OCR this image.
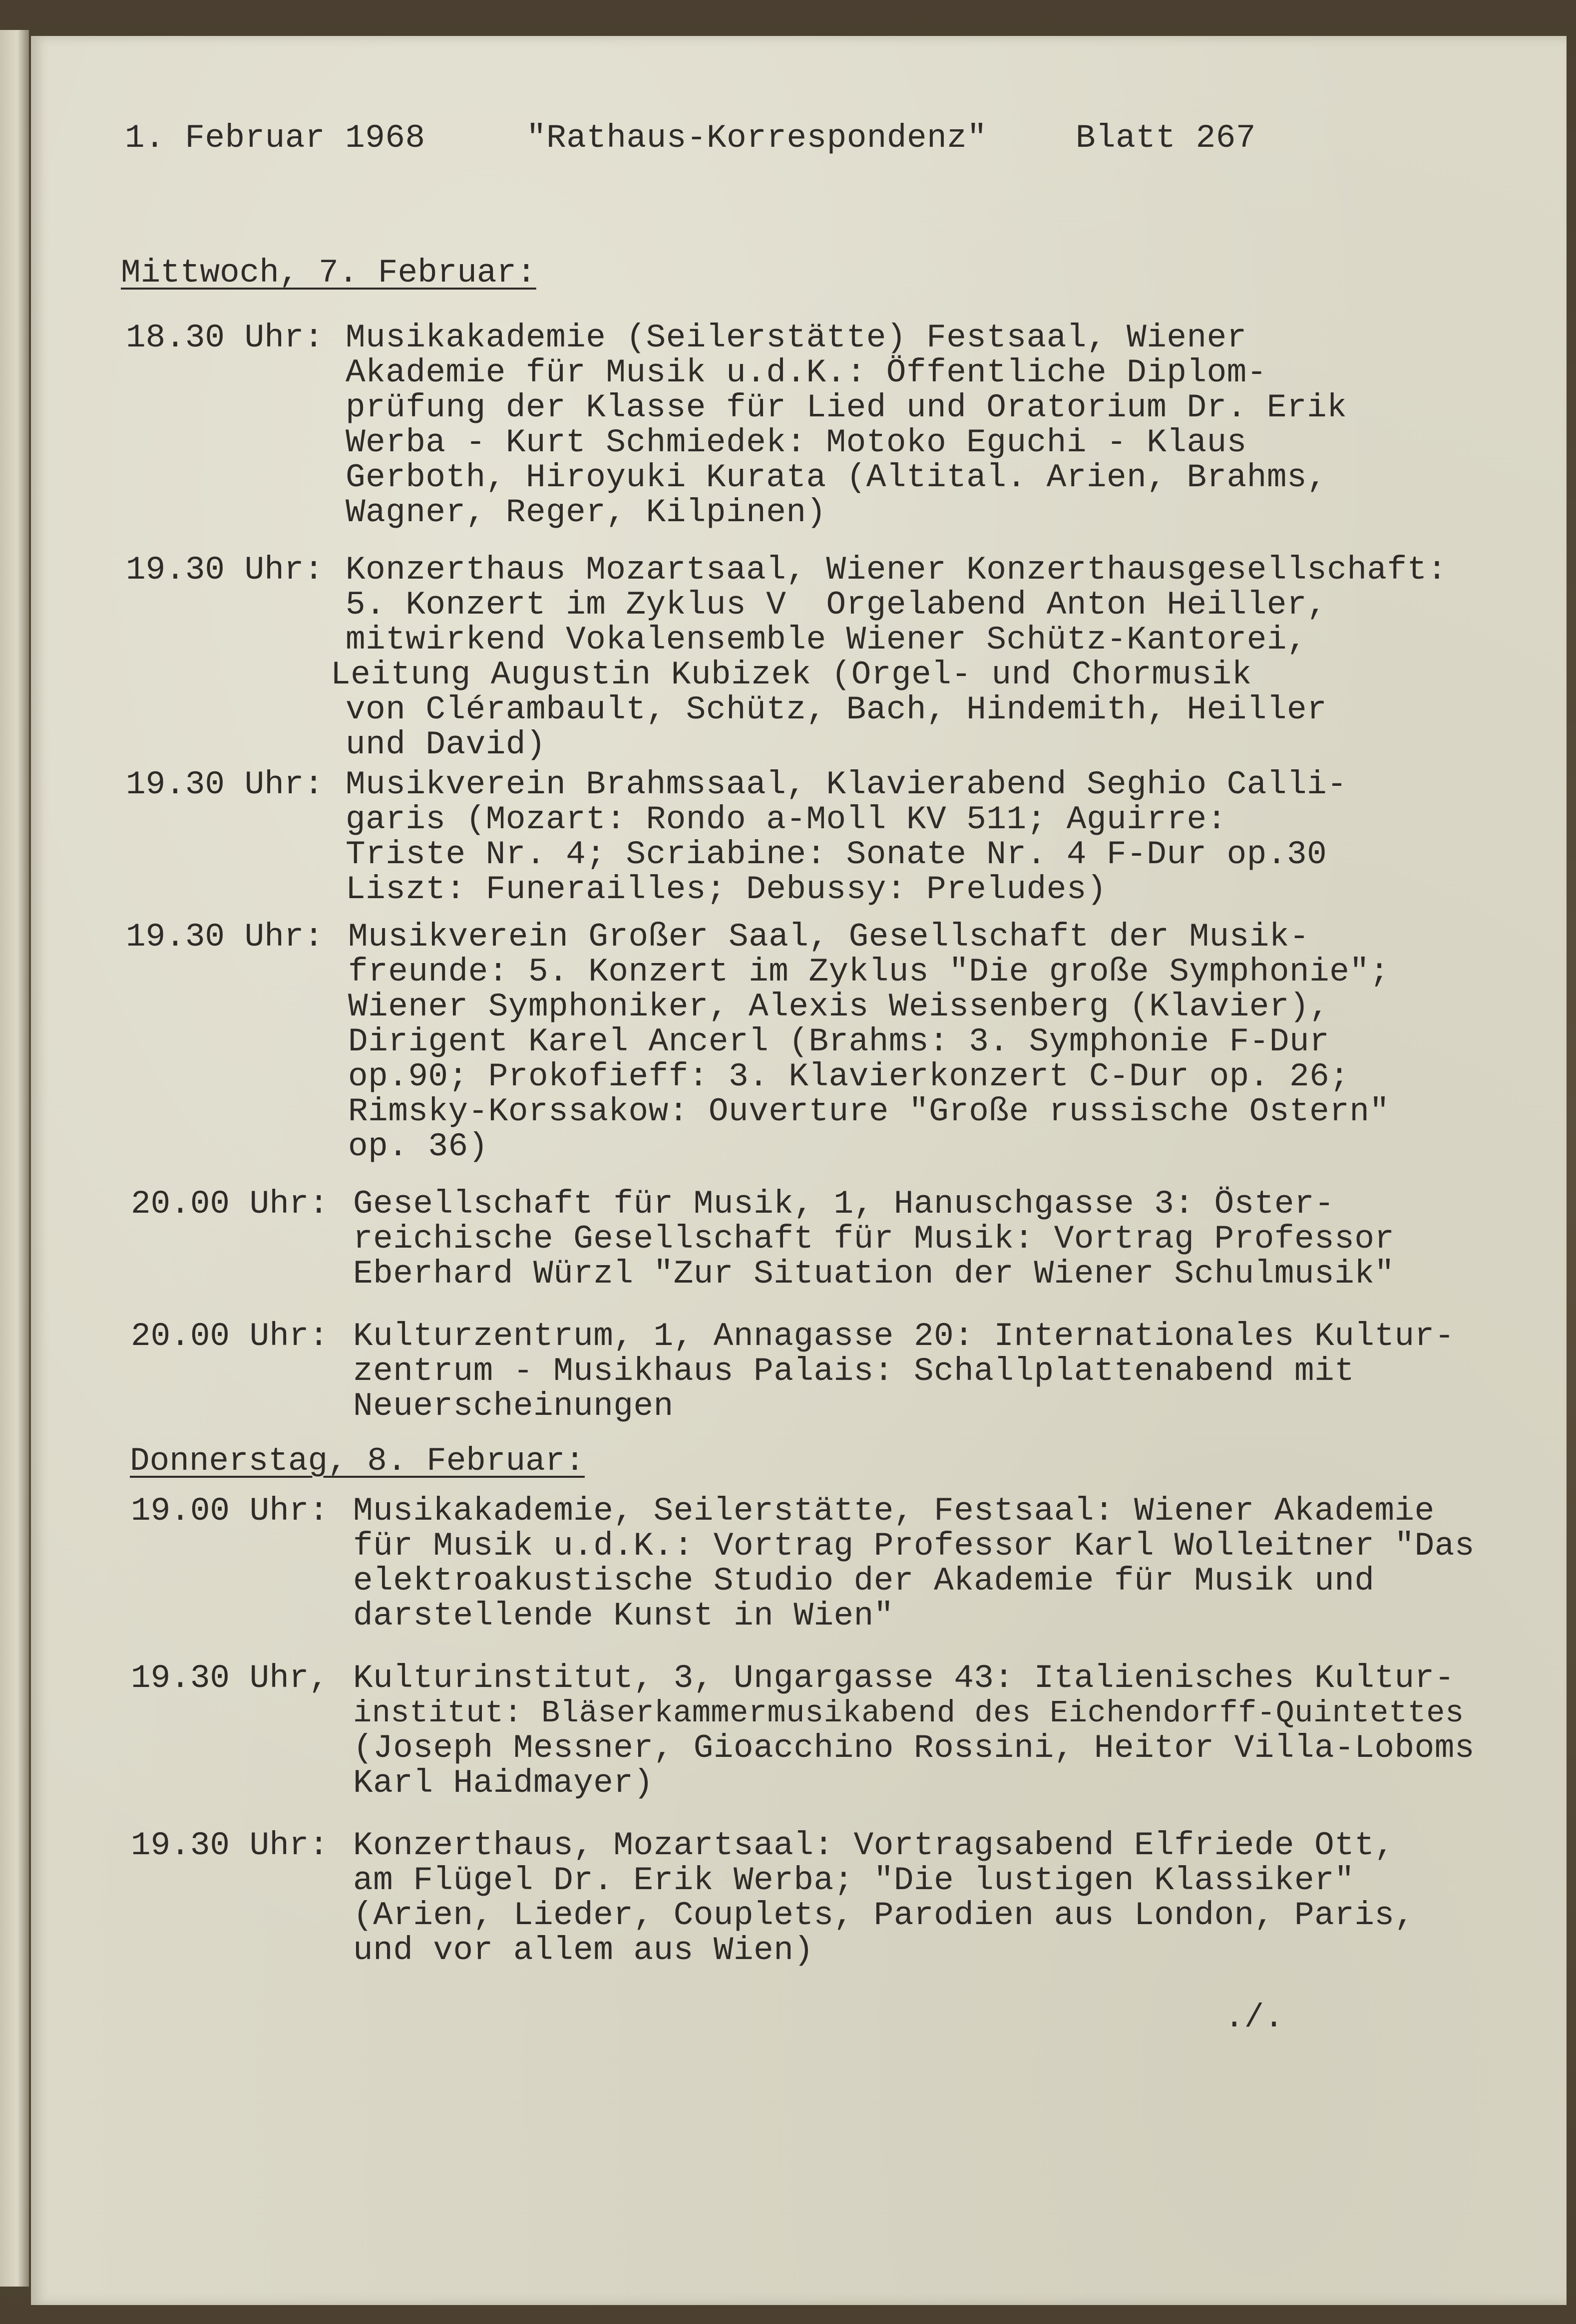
1. Februar 1968	"Rathaus-Korrespondenz"	Blatt 267
Mittwoch, 7. Februar:
18.30 Uhr: Musikakademie (Seilerstätte) Festsaal, Wiener
Akademie für Musik u.d.K.: Öffentliche Diplom-
prüfung der Klasse für Lied und Oratorium Dr. Erik
Werba - Kurt Schmiedek: Motoko Eguchi - Klaus
Gerboth, Hiroyuki Kurata (Altital. Arien, Brahms,
Wagner, Reger, Kilpinen)
19.30 Uhr: Konzerthaus Mozartsaal, Wiener Konzerthausgesellschaft:
5. Konzert im Zyklus V  Orgelabend Anton Heiller,
mitwirkend Vokalensemble Wiener Schütz-Kantorei,
Leitung Augustin Kubizek (Orgel- und Chormusik
von Clérambault, Schütz, Bach, Hindemith, Heiller
und David)
19.30 Uhr: Musikverein Brahmssaal, Klavierabend Seghio Calli-
garis (Mozart: Rondo a-Moll KV 511; Aguirre:
Triste Nr. 4; Scriabine: Sonate Nr. 4 F-Dur op.30
Liszt: Funerailles; Debussy: Preludes)
19.30 Uhr: Musikverein Großer Saal, Gesellschaft der Musik-
freunde: 5. Konzert im Zyklus "Die große Symphonie";
Wiener Symphoniker, Alexis Weissenberg (Klavier),
Dirigent Karel Ancerl (Brahms: 3. Symphonie F-Dur
op.90; Prokofieff: 3. Klavierkonzert C-Dur op. 26;
Rimsky-Korssakow: Ouverture "Große russische Ostern"
op. 36)
20.00 Uhr: Gesellschaft für Musik, 1, Hanuschgasse 3: Öster-
reichische Gesellschaft für Musik: Vortrag Professor
Eberhard Würzl "Zur Situation der Wiener Schulmusik"
20.00 Uhr: Kulturzentrum, 1, Annagasse 20: Internationales Kultur-
zentrum - Musikhaus Palais: Schallplattenabend mit
Neuerscheinungen
Donnerstag, 8. Februar:
19.00 Uhr: Musikakademie, Seilerstätte, Festsaal: Wiener Akademie
für Musik u.d.K.: Vortrag Professor Karl Wolleitner "Das
elektroakustische Studio der Akademie für Musik und
darstellende Kunst in Wien"
19.30 Uhr, Kulturinstitut, 3, Ungargasse 43: Italienisches Kultur-
institut: Bläserkammermusikabend des Eichendorff-Quintettes
(Joseph Messner, Gioacchino Rossini, Heitor Villa-Loboms
Karl Haidmayer)
19.30 Uhr: Konzerthaus, Mozartsaal: Vortragsabend Elfriede Ott,
am Flügel Dr. Erik Werba; "Die lustigen Klassiker"
(Arien, Lieder, Couplets, Parodien aus London, Paris,
und vor allem aus Wien)
./.
